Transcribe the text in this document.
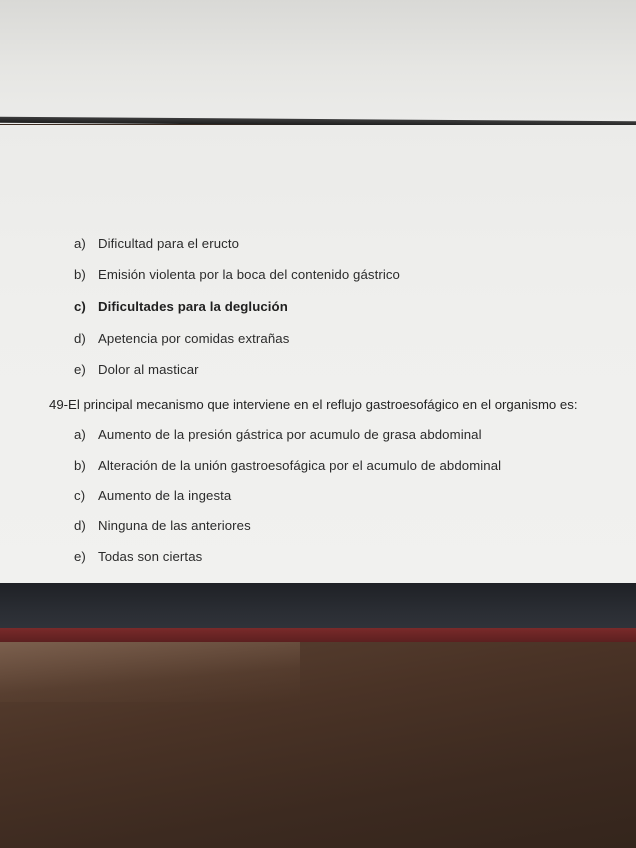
a) Dificultad para el eructo
b) Emisión violenta por la boca del contenido gástrico
c) Dificultades para la deglución
d) Apetencia por comidas extrañas
e) Dolor al masticar
49-El principal mecanismo que interviene en el reflujo gastroesofágico en el organismo es:
a) Aumento de la presión gástrica por acumulo de grasa abdominal
b) Alteración de la unión gastroesofágica por el acumulo de abdominal
c) Aumento de la ingesta
d) Ninguna de las anteriores
e) Todas son ciertas
